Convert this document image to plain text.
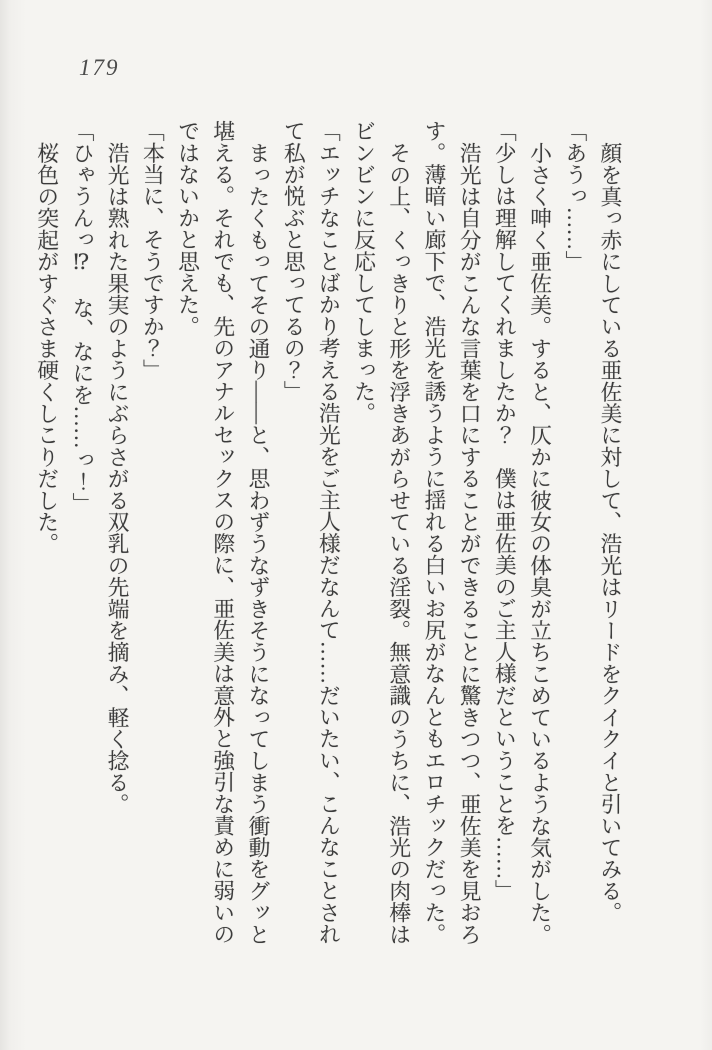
179

顔を真っ赤にしている亜佐美に対して、浩光はリードをクイクイと引いてみる。

「あうっ……」

小さく呻く亜佐美。すると、仄かに彼女の体臭が立ちこめているような気がした。

「少しは理解してくれましたか？　僕は亜佐美のご主人様だということを……」

浩光は自分がこんな言葉を口にすることができることに驚きつつ、亜佐美を見おろす。薄暗い廊下で、浩光を誘うように揺れる白いお尻がなんともエロチックだった。

その上、くっきりと形を浮きあがらせている淫裂。無意識のうちに、浩光の肉棒はビンビンに反応してしまった。

「エッチなことばかり考える浩光をご主人様だなんて……だいたい、こんなことされて私が悦ぶと思ってるの？」

まったくもってその通り――と、思わずうなずきそうになってしまう衝動をグッと堪える。それでも、先のアナルセックスの際に、亜佐美は意外と強引な責めに弱いのではないかと思えた。

「本当に、そうですか？」

浩光は熟れた果実のようにぶらさがる双乳の先端を摘み、軽く捻る。

「ひゃうんっ⁉　な、なにを……っ！」

桜色の突起がすぐさま硬くしこりだした。
